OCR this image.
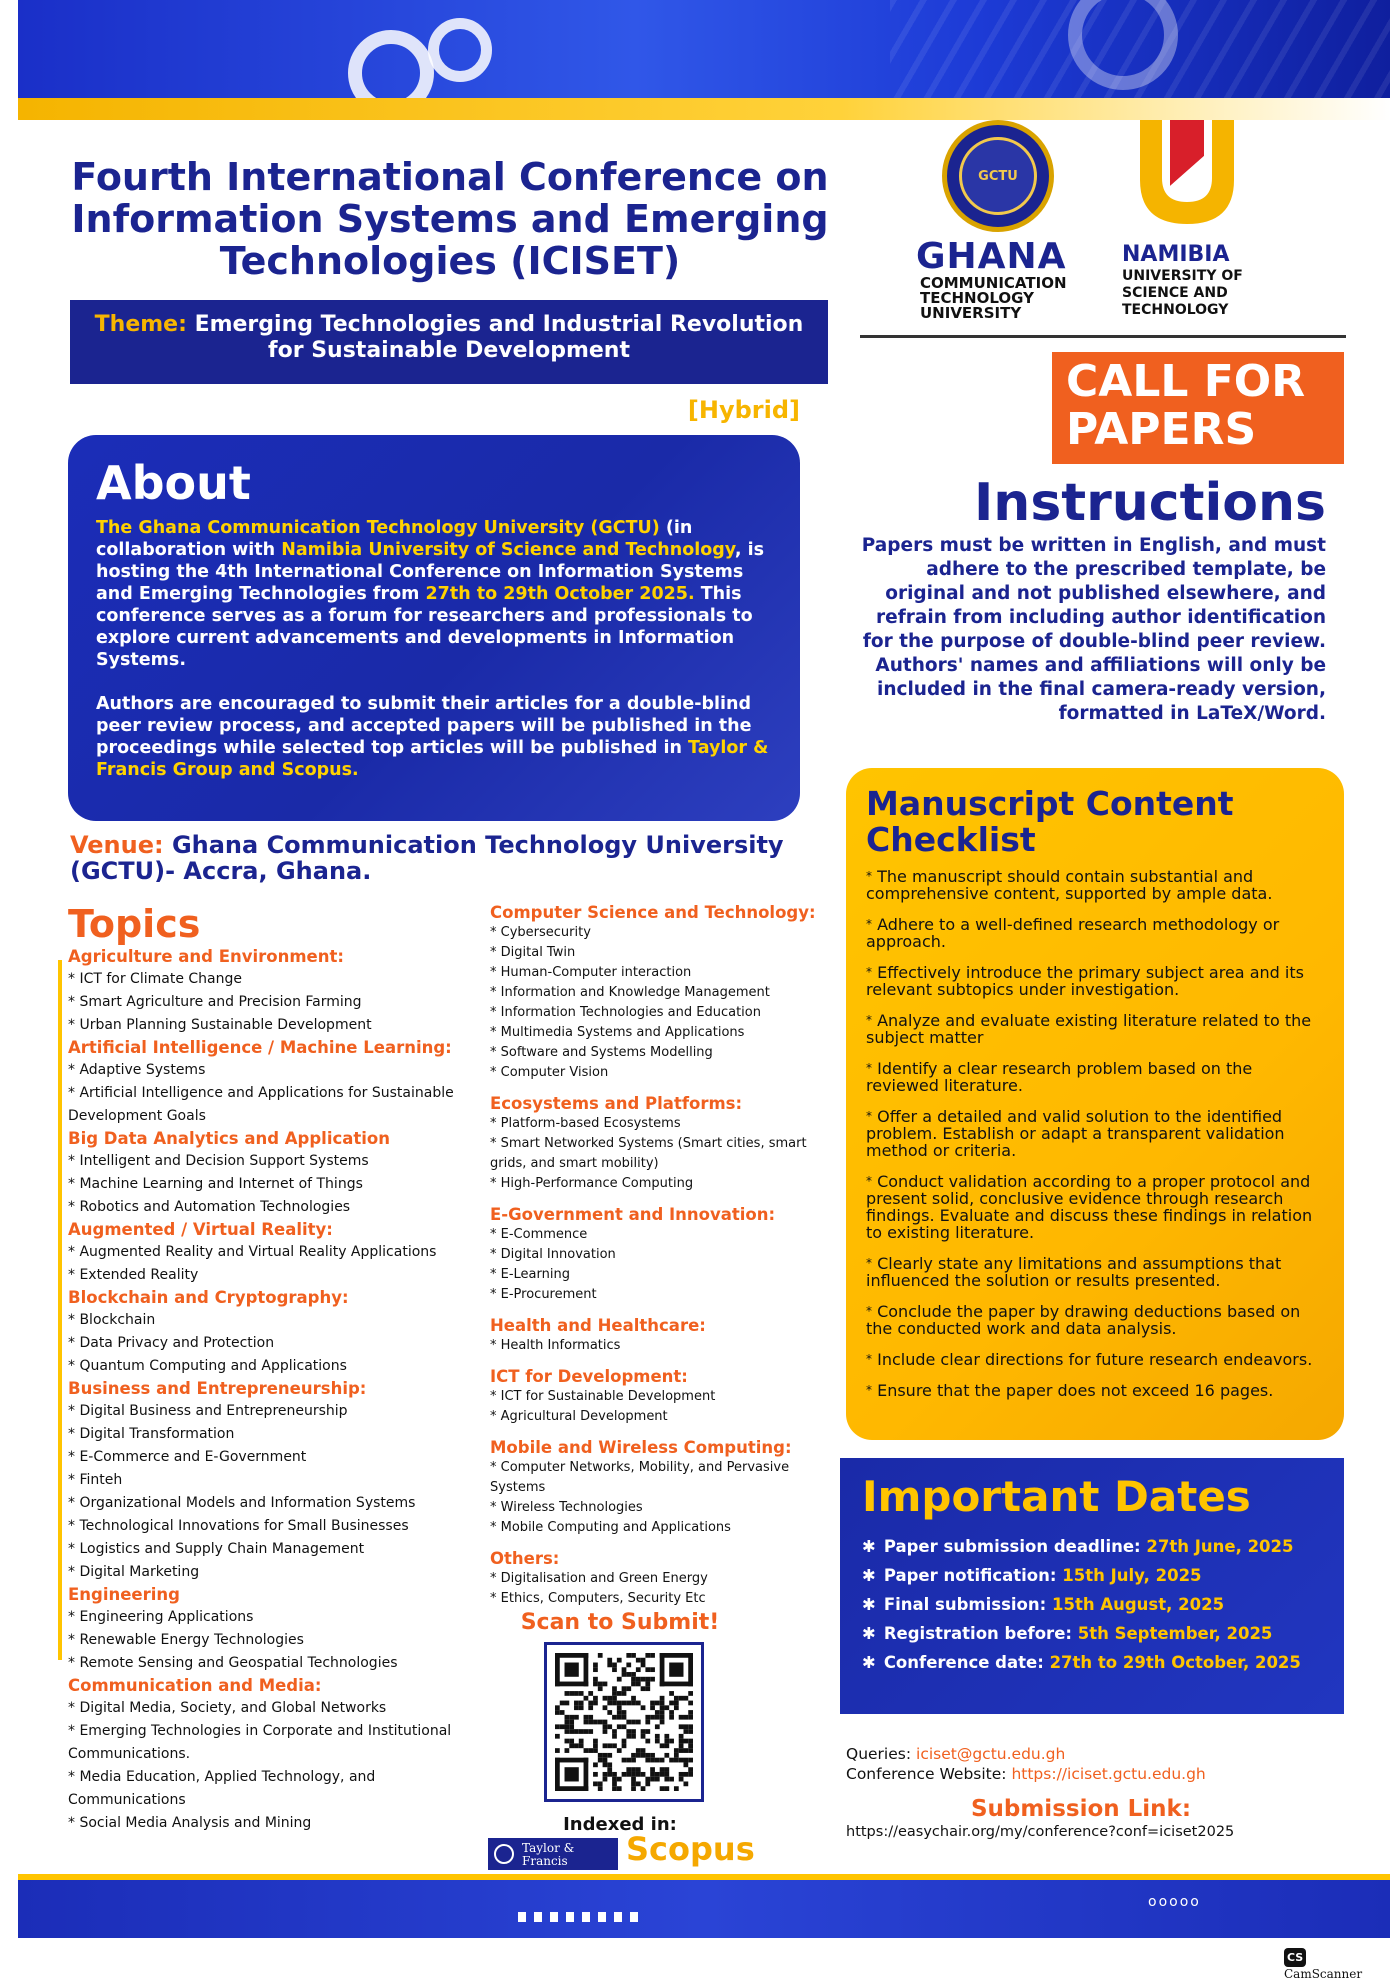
Fourth International Conference on Information Systems and Emerging Technologies (ICISET)
Theme: Emerging Technologies and Industrial Revolution for Sustainable Development
[Hybrid]
GCTU
GHANA
COMMUNICATION
TECHNOLOGY
UNIVERSITY
NAMIBIA
UNIVERSITY OF
SCIENCE AND
TECHNOLOGY
CALL FOR
PAPERS
About
The Ghana Communication Technology University (GCTU) (in collaboration with Namibia University of Science and Technology, is hosting the 4th International Conference on Information Systems and Emerging Technologies from 27th to 29th October 2025. This conference serves as a forum for researchers and professionals to explore current advancements and developments in Information Systems.
Authors are encouraged to submit their articles for a double-blind peer review process, and accepted papers will be published in the proceedings while selected top articles will be published in Taylor & Francis Group and Scopus.
Venue: Ghana Communication Technology University (GCTU)- Accra, Ghana.
Instructions
Papers must be written in English, and must adhere to the prescribed template, be original and not published elsewhere, and refrain from including author identification for the purpose of double-blind peer review. Authors' names and affiliations will only be included in the final camera-ready version, formatted in LaTeX/Word.
Manuscript Content Checklist
* The manuscript should contain substantial and comprehensive content, supported by ample data.
* Adhere to a well-defined research methodology or approach.
* Effectively introduce the primary subject area and its relevant subtopics under investigation.
* Analyze and evaluate existing literature related to the subject matter
* Identify a clear research problem based on the reviewed literature.
* Offer a detailed and valid solution to the identified problem. Establish or adapt a transparent validation method or criteria.
* Conduct validation according to a proper protocol and present solid, conclusive evidence through research findings. Evaluate and discuss these findings in relation to existing literature.
* Clearly state any limitations and assumptions that influenced the solution or results presented.
* Conclude the paper by drawing deductions based on the conducted work and data analysis.
* Include clear directions for future research endeavors.
* Ensure that the paper does not exceed 16 pages.
Important Dates
✱ Paper submission deadline: 27th June, 2025
✱ Paper notification: 15th July, 2025
✱ Final submission: 15th August, 2025
✱ Registration before: 5th September, 2025
✱ Conference date: 27th to 29th October, 2025
Queries: iciset@gctu.edu.gh
Conference Website: https://iciset.gctu.edu.gh
Submission Link:
https://easychair.org/my/conference?conf=iciset2025
Topics
Agriculture and Environment:
* ICT for Climate Change
* Smart Agriculture and Precision Farming
* Urban Planning Sustainable Development
Artificial Intelligence / Machine Learning:
* Adaptive Systems
* Artificial Intelligence and Applications for Sustainable Development Goals
Big Data Analytics and Application
* Intelligent and Decision Support Systems
* Machine Learning and Internet of Things
* Robotics and Automation Technologies
Augmented / Virtual Reality:
* Augmented Reality and Virtual Reality Applications
* Extended Reality
Blockchain and Cryptography:
* Blockchain
* Data Privacy and Protection
* Quantum Computing and Applications
Business and Entrepreneurship:
* Digital Business and Entrepreneurship
* Digital Transformation
* E-Commerce and E-Government
* Finteh
* Organizational Models and Information Systems
* Technological Innovations for Small Businesses
* Logistics and Supply Chain Management
* Digital Marketing
Engineering
* Engineering Applications
* Renewable Energy Technologies
* Remote Sensing and Geospatial Technologies
Communication and Media:
* Digital Media, Society, and Global Networks
* Emerging Technologies in Corporate and Institutional Communications.
* Media Education, Applied Technology, and Communications
* Social Media Analysis and Mining
Computer Science and Technology:
* Cybersecurity
* Digital Twin
* Human-Computer interaction
* Information and Knowledge Management
* Information Technologies and Education
* Multimedia Systems and Applications
* Software and Systems Modelling
* Computer Vision
Ecosystems and Platforms:
* Platform-based Ecosystems
* Smart Networked Systems (Smart cities, smart grids, and smart mobility)
* High-Performance Computing
E-Government and Innovation:
* E-Commence
* Digital Innovation
* E-Learning
* E-Procurement
Health and Healthcare:
* Health Informatics
ICT for Development:
* ICT for Sustainable Development
* Agricultural Development
Mobile and Wireless Computing:
* Computer Networks, Mobility, and Pervasive Systems
* Wireless Technologies
* Mobile Computing and Applications
Others:
* Digitalisation and Green Energy
* Ethics, Computers, Security Etc
Scan to Submit!
Indexed in:
Taylor & Francis	Scopus
ooooo
CSCamScanner
